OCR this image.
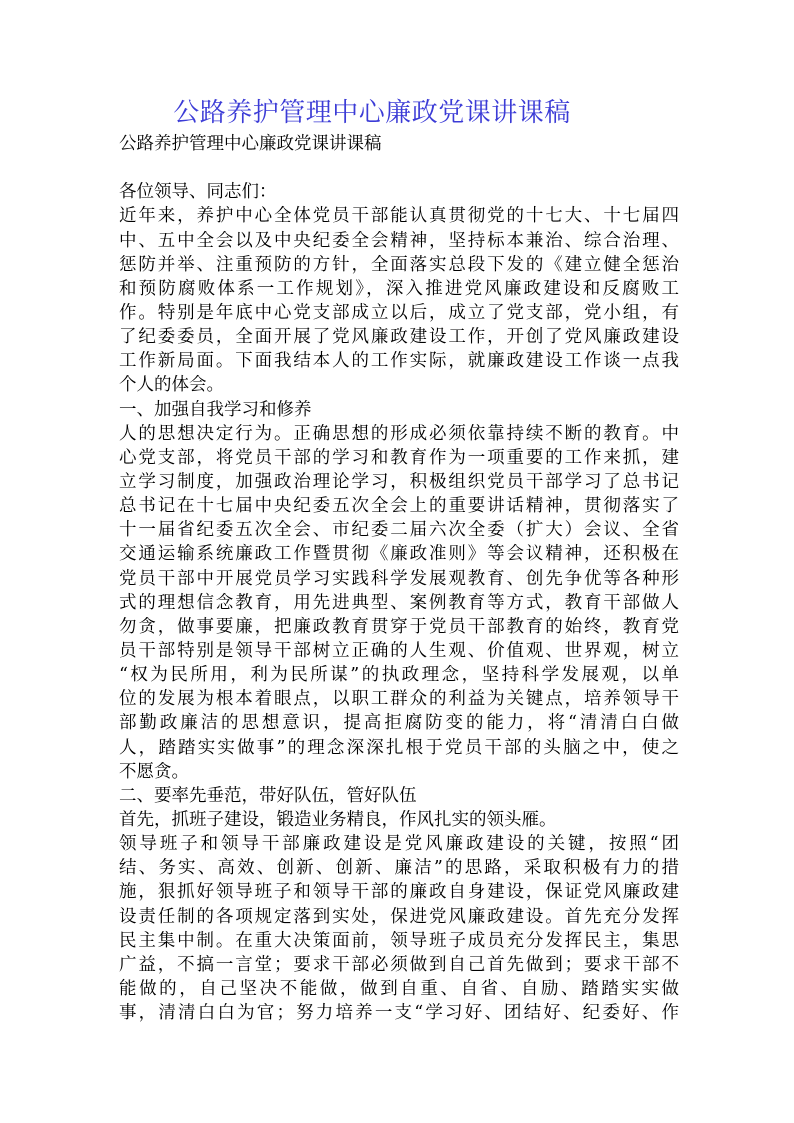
公路养护管理中心廉政党课讲课稿
公路养护管理中心廉政党课讲课稿
各位领导、同志们：
近年来，养护中心全体党员干部能认真贯彻党的十七大、十七届四
中、五中全会以及中央纪委全会精神，坚持标本兼治、综合治理、
惩防并举、注重预防的方针，全面落实总段下发的《建立健全惩治
和预防腐败体系一工作规划》，深入推进党风廉政建设和反腐败工
作。特别是年底中心党支部成立以后，成立了党支部，党小组，有
了纪委委员，全面开展了党风廉政建设工作，开创了党风廉政建设
工作新局面。下面我结本人的工作实际，就廉政建设工作谈一点我
个人的体会。
一、加强自我学习和修养
人的思想决定行为。正确思想的形成必须依靠持续不断的教育。中
心党支部，将党员干部的学习和教育作为一项重要的工作来抓，建
立学习制度，加强政治理论学习，积极组织党员干部学习了总书记
总书记在十七届中央纪委五次全会上的重要讲话精神，贯彻落实了
十一届省纪委五次全会、市纪委二届六次全委（扩大）会议、全省
交通运输系统廉政工作暨贯彻《廉政准则》等会议精神，还积极在
党员干部中开展党员学习实践科学发展观教育、创先争优等各种形
式的理想信念教育，用先进典型、案例教育等方式，教育干部做人
勿贪，做事要廉，把廉政教育贯穿于党员干部教育的始终，教育党
员干部特别是领导干部树立正确的人生观、价值观、世界观，树立
“权为民所用，利为民所谋”的执政理念，坚持科学发展观，以单
位的发展为根本着眼点，以职工群众的利益为关键点，培养领导干
部勤政廉洁的思想意识，提高拒腐防变的能力，将“清清白白做
人，踏踏实实做事”的理念深深扎根于党员干部的头脑之中，使之
不愿贪。
二、要率先垂范，带好队伍，管好队伍
首先，抓班子建设，锻造业务精良，作风扎实的领头雁。
领导班子和领导干部廉政建设是党风廉政建设的关键，按照“团
结、务实、高效、创新、创新、廉洁”的思路，采取积极有力的措
施，狠抓好领导班子和领导干部的廉政自身建设，保证党风廉政建
设责任制的各项规定落到实处，保进党风廉政建设。首先充分发挥
民主集中制。在重大决策面前，领导班子成员充分发挥民主，集思
广益，不搞一言堂；要求干部必须做到自己首先做到；要求干部不
能做的，自己坚决不能做，做到自重、自省、自励、踏踏实实做
事，清清白白为官；努力培养一支“学习好、团结好、纪委好、作
